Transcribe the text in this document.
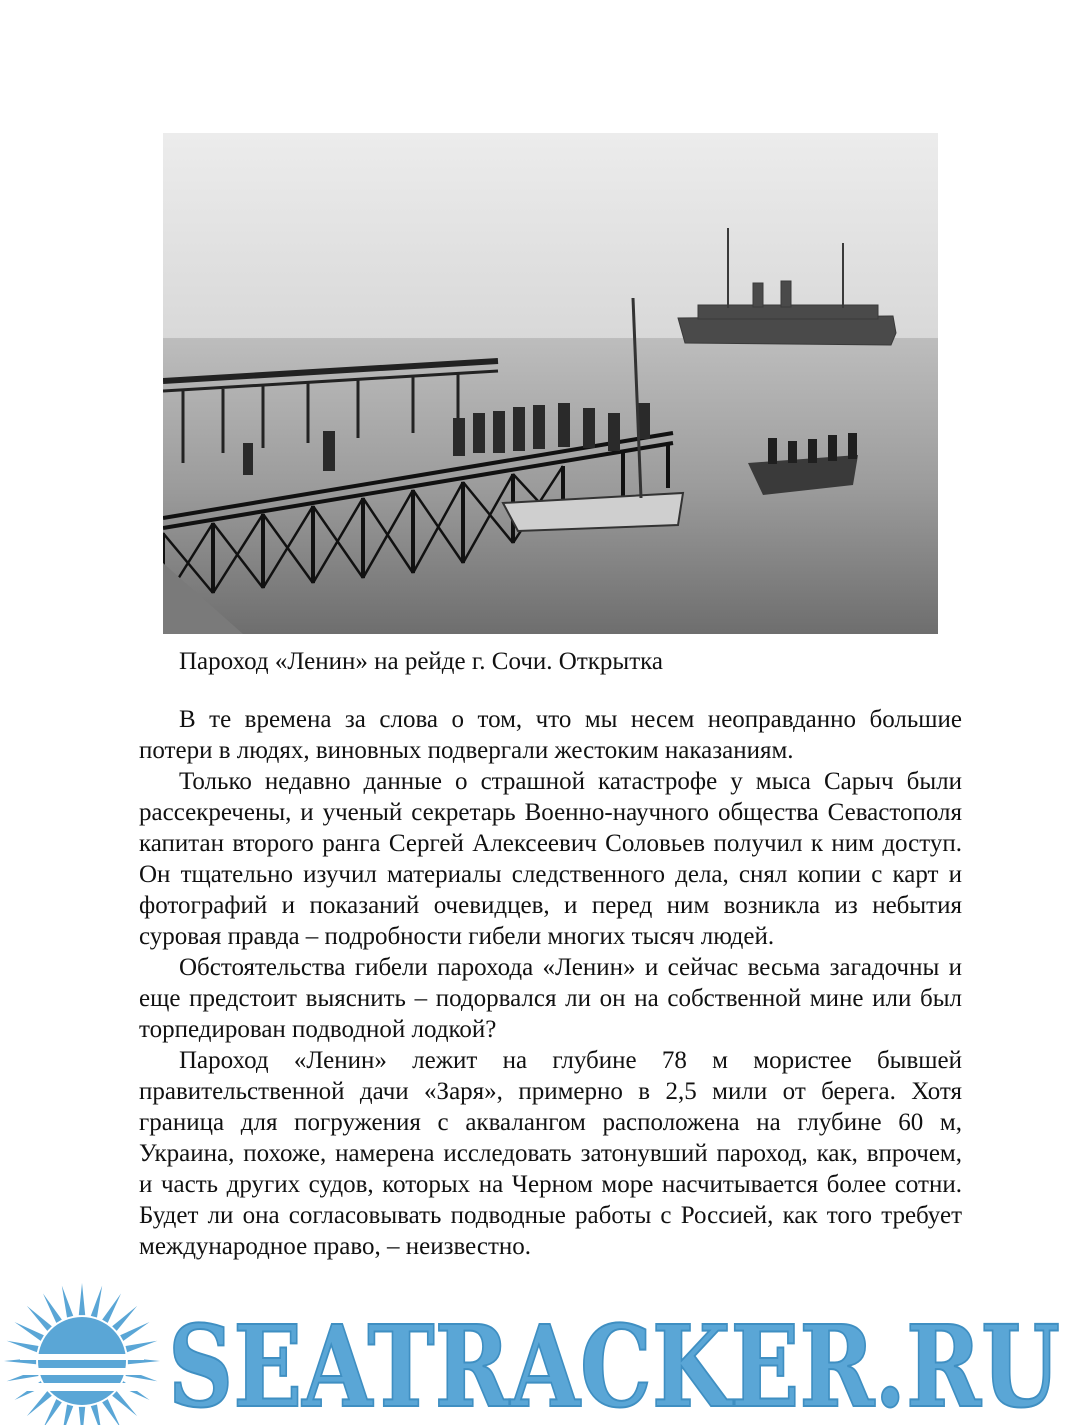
Пароход «Ленин» на рейде г. Сочи. Открытка

В те времена за слова о том, что мы несем неоправданно большие потери в людях, виновных подвергали жестоким наказаниям.

Только недавно данные о страшной катастрофе у мыса Сарыч были рассекречены, и ученый секретарь Военно-научного общества Севастополя капитан второго ранга Сергей Алексеевич Соловьев получил к ним доступ. Он тщательно изучил материалы следственного дела, снял копии с карт и фотографий и показаний очевидцев, и перед ним возникла из небытия суровая правда – подробности гибели многих тысяч людей.

Обстоятельства гибели парохода «Ленин» и сейчас весьма загадочны и еще предстоит выяснить – подорвался ли он на собственной мине или был торпедирован подводной лодкой?

Пароход «Ленин» лежит на глубине 78 м мористее бывшей правительственной дачи «Заря», примерно в 2,5 мили от берега. Хотя граница для погружения с аквалангом расположена на глубине 60 м, Украина, похоже, намерена исследовать затонувший пароход, как, впрочем, и часть других судов, которых на Черном море насчитывается более сотни. Будет ли она согласовывать подводные работы с Россией, как того требует международное право, – неизвестно.

SEATRACKER.RU
